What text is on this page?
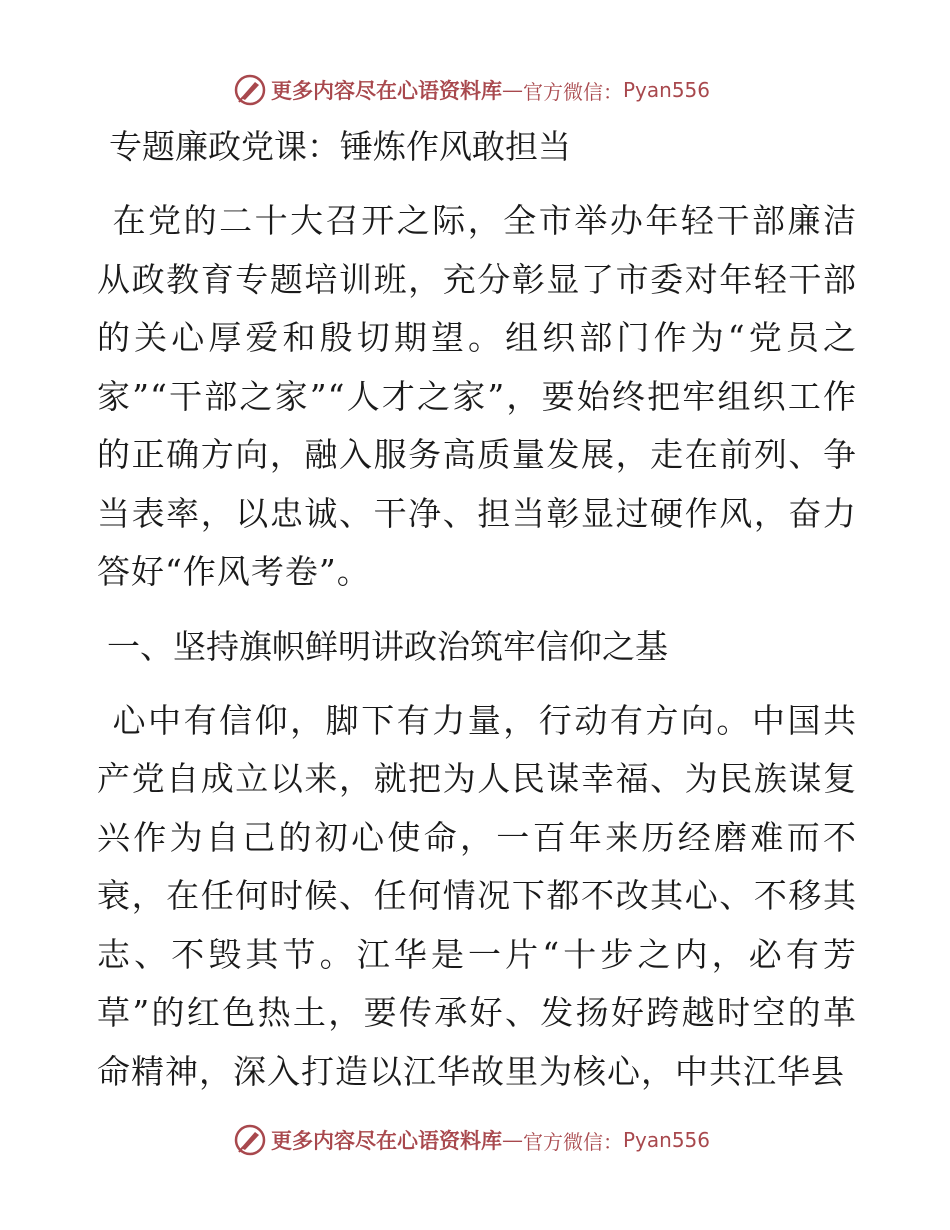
更多内容尽在心语资料库 — 官方微信： Pyan556
专题廉政党课：锤炼作风敢担当

在党的二十大召开之际，全市举办年轻干部廉洁从政教育专题培训班，充分彰显了市委对年轻干部的关心厚爱和殷切期望。组织部门作为“党员之家”“干部之家”“人才之家”，要始终把牢组织工作的正确方向，融入服务高质量发展，走在前列、争当表率，以忠诚、干净、担当彰显过硬作风，奋力答好“作风考卷”。

一、坚持旗帜鲜明讲政治筑牢信仰之基

心中有信仰，脚下有力量，行动有方向。中国共产党自成立以来，就把为人民谋幸福、为民族谋复兴作为自己的初心使命，一百年来历经磨难而不衰，在任何时候、任何情况下都不改其心、不移其志、不毁其节。江华是一片“十步之内，必有芳草”的红色热土，要传承好、发扬好跨越时空的革命精神，深入打造以江华故里为核心，中共江华县

更多内容尽在心语资料库 — 官方微信： Pyan556
